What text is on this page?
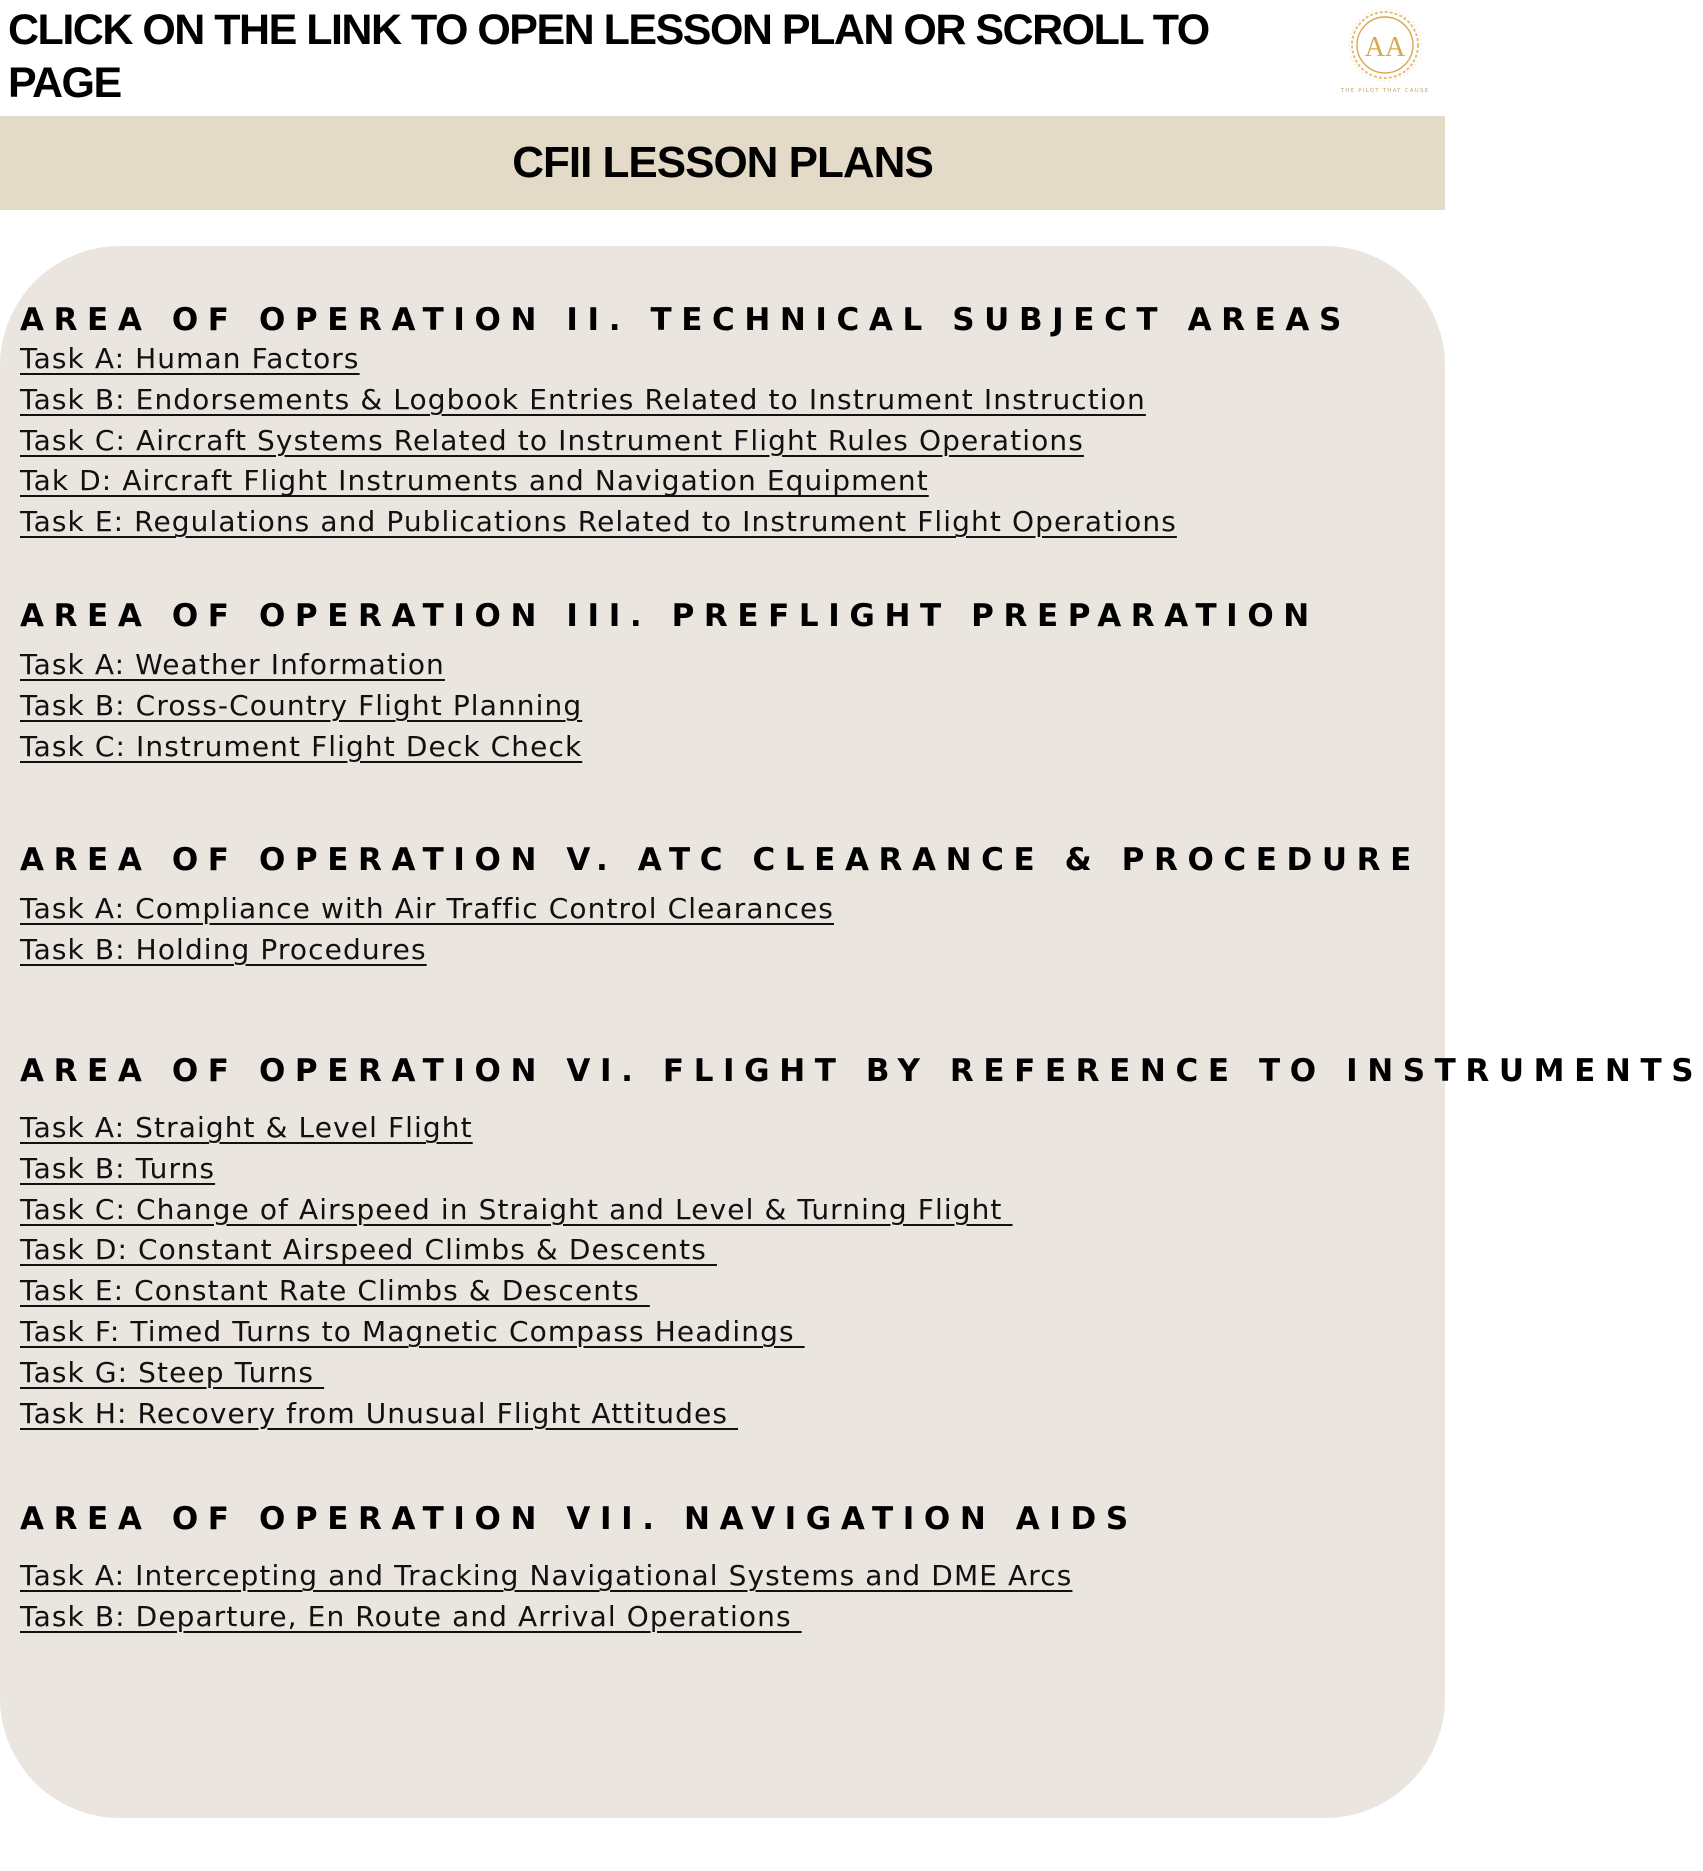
CLICK ON THE LINK TO OPEN LESSON PLAN OR SCROLL TO PAGE
AA
THE PILOT THAT CAUSE
CFII LESSON PLANS
AREA OF OPERATION II. TECHNICAL SUBJECT AREAS
Task A: Human Factors
Task B: Endorsements & Logbook Entries Related to Instrument Instruction
Task C: Aircraft Systems Related to Instrument Flight Rules Operations
Tak D: Aircraft Flight Instruments and Navigation Equipment
Task E: Regulations and Publications Related to Instrument Flight Operations
AREA OF OPERATION III. PREFLIGHT PREPARATION
Task A: Weather Information
Task B: Cross-Country Flight Planning
Task C: Instrument Flight Deck Check
AREA OF OPERATION V. ATC CLEARANCE & PROCEDURE
Task A: Compliance with Air Traffic Control Clearances
Task B: Holding Procedures
AREA OF OPERATION VI. FLIGHT BY REFERENCE TO INSTRUMENTS
Task A: Straight & Level Flight
Task B: Turns
Task C: Change of Airspeed in Straight and Level & Turning Flight
Task D: Constant Airspeed Climbs & Descents
Task E: Constant Rate Climbs & Descents
Task F: Timed Turns to Magnetic Compass Headings
Task G: Steep Turns
Task H: Recovery from Unusual Flight Attitudes
AREA OF OPERATION VII. NAVIGATION AIDS
Task A: Intercepting and Tracking Navigational Systems and DME Arcs
Task B: Departure, En Route and Arrival Operations
